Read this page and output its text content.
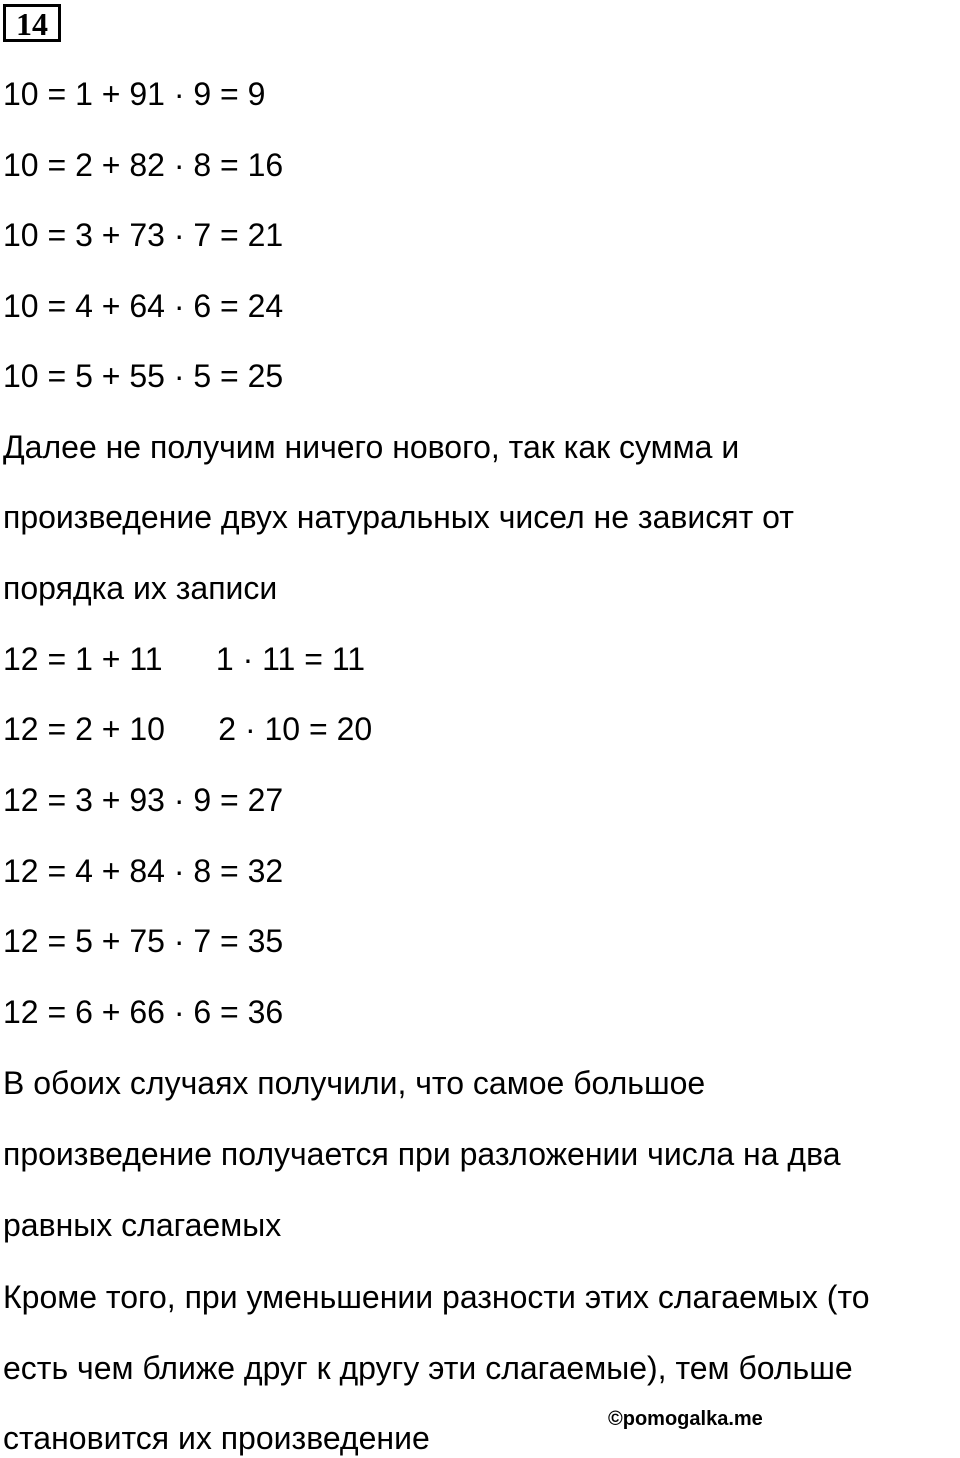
14
10 = 1 + 91 · 9 = 9
10 = 2 + 82 · 8 = 16
10 = 3 + 73 · 7 = 21
10 = 4 + 64 · 6 = 24
10 = 5 + 55 · 5 = 25
Далее не получим ничего нового, так как сумма и
произведение двух натуральных чисел не зависят от
порядка их записи
12 = 1 + 11      1 · 11 = 11
12 = 2 + 10      2 · 10 = 20
12 = 3 + 93 · 9 = 27
12 = 4 + 84 · 8 = 32
12 = 5 + 75 · 7 = 35
12 = 6 + 66 · 6 = 36
В обоих случаях получили, что самое большое
произведение получается при разложении числа на два
равных слагаемых
Кроме того, при уменьшении разности этих слагаемых (то
есть чем ближе друг к другу эти слагаемые), тем больше
становится их произведение
©pomogalka.me
